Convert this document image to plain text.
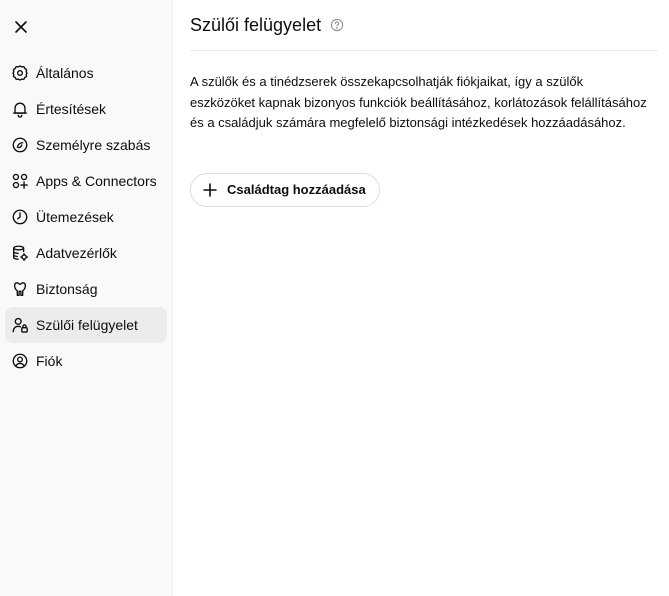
Általános
Értesítések
Személyre szabás
Apps & Connectors
Ütemezések
Adatvezérlők
Biztonság
Szülői felügyelet
Fiók
Szülői felügyelet

A szülők és a tinédzserek összekapcsolhatják fiókjaikat, így a szülők eszközöket kapnak bizonyos funkciók beállításához, korlátozások felállításához és a családjuk számára megfelelő biztonsági intézkedések hozzáadásához.

Családtag hozzáadása
